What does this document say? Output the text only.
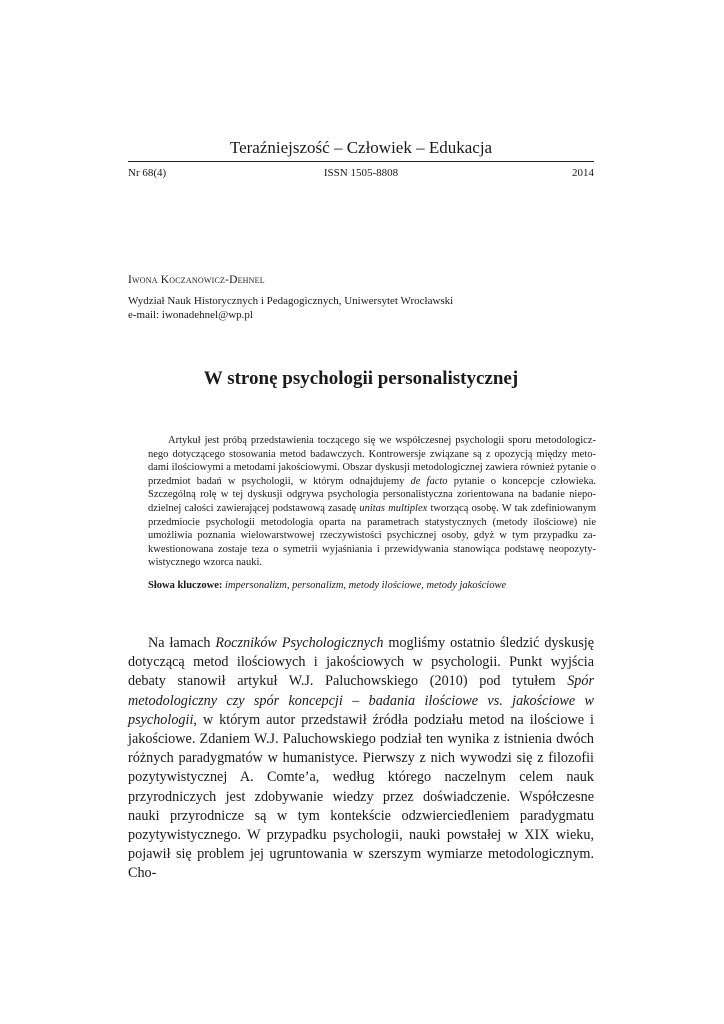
Teraźniejszość – Człowiek – Edukacja
ISSN 1505-8808
Nr 68(4)	2014
Iwona Koczanowicz-Dehnel
Wydział Nauk Historycznych i Pedagogicznych, Uniwersytet Wrocławski
e-mail: iwonadehnel@wp.pl
W stronę psychologii personalistycznej

Artykuł jest próbą przedstawienia toczącego się we współczesnej psychologii sporu metodologicznego dotyczącego stosowania metod badawczych. Kontrowersje związane są z opozycją między metodami ilościowymi a metodami jakościowymi. Obszar dyskusji metodologicznej zawiera również pytanie o przedmiot badań w psychologii, w którym odnajdujemy de facto pytanie o koncepcje człowieka. Szczególną rolę w tej dyskusji odgrywa psychologia personalistyczna zorientowana na badanie niepodzielnej całości zawierającej podstawową zasadę unitas multiplex tworzącą osobę. W tak zdefiniowanym przedmiocie psychologii metodologia oparta na parametrach statystycznych (metody ilościowe) nie umożliwia poznania wielowarstwowej rzeczywistości psychicznej osoby, gdyż w tym przypadku zakwestionowana zostaje teza o symetrii wyjaśniania i przewidywania stanowiąca podstawę neopozytywistycznego wzorca nauki.

Słowa kluczowe: impersonalizm, personalizm, metody ilościowe, metody jakościowe

Na łamach Roczników Psychologicznych mogliśmy ostatnio śledzić dyskusję dotyczącą metod ilościowych i jakościowych w psychologii. Punkt wyjścia debaty stanowił artykuł W.J. Paluchowskiego (2010) pod tytułem Spór metodologiczny czy spór koncepcji – badania ilościowe vs. jakościowe w psychologii, w którym autor przedstawił źródła podziału metod na ilościowe i jakościowe. Zdaniem W.J. Paluchowskiego podział ten wynika z istnienia dwóch różnych paradygmatów w humanistyce. Pierwszy z nich wywodzi się z filozofii pozytywistycznej A. Comte’a, według którego naczelnym celem nauk przyrodniczych jest zdobywanie wiedzy przez doświadczenie. Współczesne nauki przyrodnicze są w tym kontekście odzwierciedleniem paradygmatu pozytywistycznego. W przypadku psychologii, nauki powstałej w XIX wieku, pojawił się problem jej ugruntowania w szerszym wymiarze metodologicznym. Cho-
